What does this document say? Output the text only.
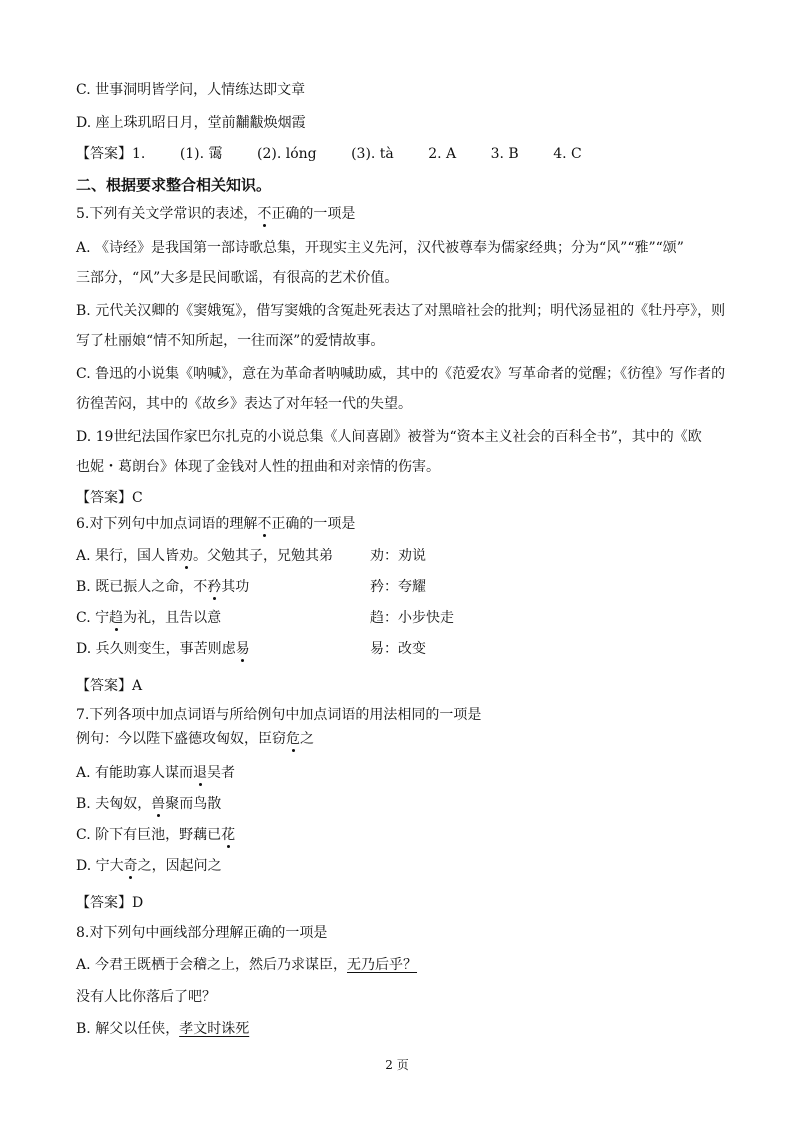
C. 世事洞明皆学问，人情练达即文章
D. 座上珠玑昭日月，堂前黼黻焕烟霞
【答案】1. (1). 霭 (2). lóng (3). tà 2. A 3. B 4. C
二、根据要求整合相关知识。
5.下列有关文学常识的表述，不正确的一项是
A. 《诗经》是我国第一部诗歌总集，开现实主义先河，汉代被尊奉为儒家经典；分为“风”“雅”“颂”
三部分，“风”大多是民间歌谣，有很高的艺术价值。
B. 元代关汉卿的《窦娥冤》，借写窦娥的含冤赴死表达了对黑暗社会的批判；明代汤显祖的《牡丹亭》，则
写了杜丽娘“情不知所起，一往而深”的爱情故事。
C. 鲁迅的小说集《呐喊》，意在为革命者呐喊助威，其中的《范爱农》写革命者的觉醒；《彷徨》写作者的
彷徨苦闷，其中的《故乡》表达了对年轻一代的失望。
D. 19世纪法国作家巴尔扎克的小说总集《人间喜剧》被誉为“资本主义社会的百科全书”，其中的《欧
也妮・葛朗台》体现了金钱对人性的扭曲和对亲情的伤害。
【答案】C
6.对下列句中加点词语的理解不正确的一项是
A. 果行，国人皆劝。父勉其子，兄勉其弟	劝：劝说
B. 既已振人之命，不矜其功	矜：夸耀
C. 宁趋为礼，且告以意	趋：小步快走
D. 兵久则变生，事苦则虑易	易：改变
【答案】A
7.下列各项中加点词语与所给例句中加点词语的用法相同的一项是
例句：今以陛下盛德攻匈奴，臣窃危之
A. 有能助寡人谋而退吴者
B. 夫匈奴，兽聚而鸟散
C. 阶下有巨池，野藕已花
D. 宁大奇之，因起问之
【答案】D
8.对下列句中画线部分理解正确的一项是
A. 今君王既栖于会稽之上，然后乃求谋臣，无乃后乎？
没有人比你落后了吧？
B. 解父以任侠，孝文时诛死
2 页
